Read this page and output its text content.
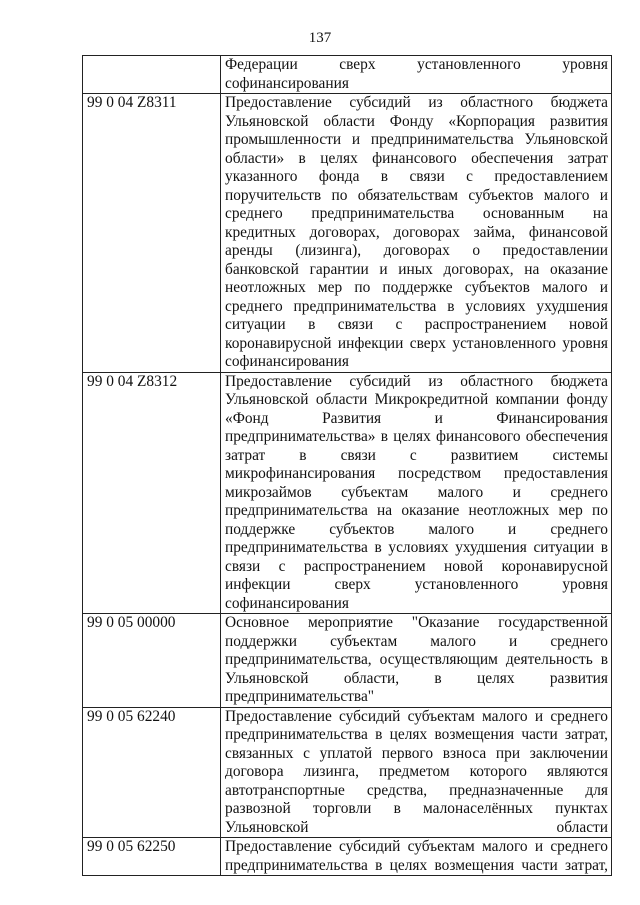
137
	Федерации сверх установленного уровня софинансирования
99 0 04 Z8311	Предоставление субсидий из областного бюджета Ульяновской области Фонду «Корпорация развития промышленности и предпринимательства Ульяновской области» в целях финансового обеспечения затрат указанного фонда в связи с предоставлением поручительств по обязательствам субъектов малого и среднего предпринимательства основанным на кредитных договорах, договорах займа, финансовой аренды (лизинга), договорах о предоставлении банковской гарантии и иных договорах, на оказание неотложных мер по поддержке субъектов малого и среднего предпринимательства в условиях ухудшения ситуации в связи с распространением новой коронавирусной инфекции сверх установленного уровня софинансирования
99 0 04 Z8312	Предоставление субсидий из областного бюджета Ульяновской области Микрокредитной компании фонду «Фонд Развития и Финансирования предпринимательства» в целях финансового обеспечения затрат в связи с развитием системы микрофинансирования посредством предоставления микрозаймов субъектам малого и среднего предпринимательства на оказание неотложных мер по поддержке субъектов малого и среднего предпринимательства в условиях ухудшения ситуации в связи с распространением новой коронавирусной инфекции сверх установленного уровня софинансирования
99 0 05 00000	Основное мероприятие "Оказание государственной поддержки субъектам малого и среднего предпринимательства, осуществляющим деятельность в Ульяновской области, в целях развития предпринимательства"
99 0 05 62240	Предоставление субсидий субъектам малого и среднего предпринимательства в целях возмещения части затрат, связанных с уплатой первого взноса при заключении договора лизинга, предметом которого являются автотранспортные средства, предназначенные для развозной торговли в малонаселённых пунктах Ульяновской области
99 0 05 62250	Предоставление субсидий субъектам малого и среднего предпринимательства в целях возмещения части затрат,
